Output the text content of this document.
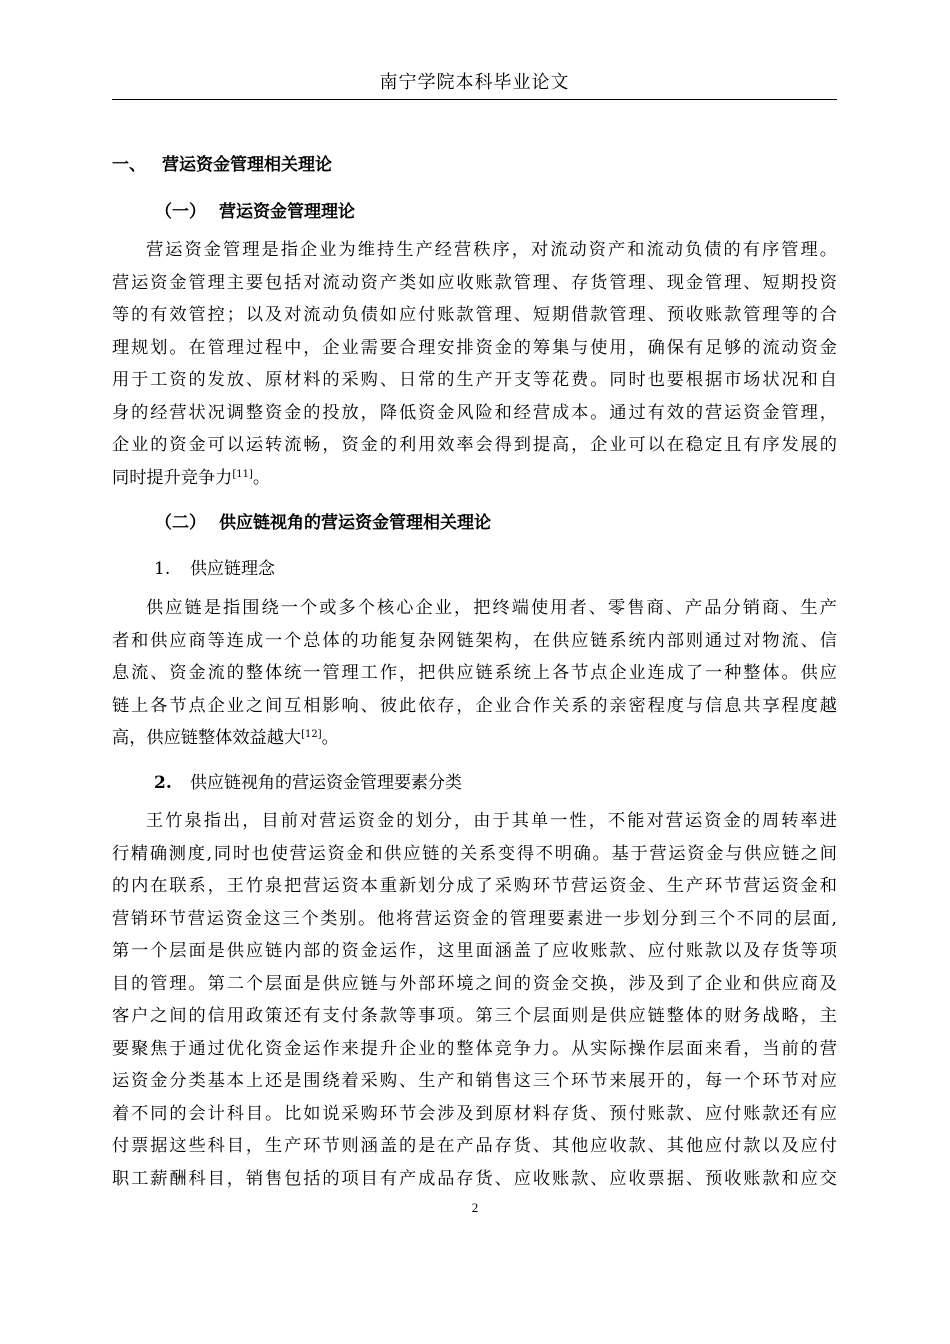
南宁学院本科毕业论文
一、 营运资金管理相关理论
（一） 营运资金管理理论
营运资金管理是指企业为维持生产经营秩序，对流动资产和流动负债的有序管理。
营运资金管理主要包括对流动资产类如应收账款管理、存货管理、现金管理、短期投资
等的有效管控；以及对流动负债如应付账款管理、短期借款管理、预收账款管理等的合
理规划。在管理过程中，企业需要合理安排资金的筹集与使用，确保有足够的流动资金
用于工资的发放、原材料的采购、日常的生产开支等花费。同时也要根据市场状况和自
身的经营状况调整资金的投放，降低资金风险和经营成本。通过有效的营运资金管理，
企业的资金可以运转流畅，资金的利用效率会得到提高，企业可以在稳定且有序发展的
同时提升竞争力[11]。
（二） 供应链视角的营运资金管理相关理论
1. 供应链理念
供应链是指围绕一个或多个核心企业，把终端使用者、零售商、产品分销商、生产
者和供应商等连成一个总体的功能复杂网链架构，在供应链系统内部则通过对物流、信
息流、资金流的整体统一管理工作，把供应链系统上各节点企业连成了一种整体。供应
链上各节点企业之间互相影响、彼此依存，企业合作关系的亲密程度与信息共享程度越
高，供应链整体效益越大[12]。
2. 供应链视角的营运资金管理要素分类
王竹泉指出，目前对营运资金的划分，由于其单一性，不能对营运资金的周转率进
行精确测度,同时也使营运资金和供应链的关系变得不明确。基于营运资金与供应链之间
的内在联系，王竹泉把营运资本重新划分成了采购环节营运资金、生产环节营运资金和
营销环节营运资金这三个类别。他将营运资金的管理要素进一步划分到三个不同的层面,
第一个层面是供应链内部的资金运作，这里面涵盖了应收账款、应付账款以及存货等项
目的管理。第二个层面是供应链与外部环境之间的资金交换，涉及到了企业和供应商及
客户之间的信用政策还有支付条款等事项。第三个层面则是供应链整体的财务战略，主
要聚焦于通过优化资金运作来提升企业的整体竞争力。从实际操作层面来看，当前的营
运资金分类基本上还是围绕着采购、生产和销售这三个环节来展开的，每一个环节对应
着不同的会计科目。比如说采购环节会涉及到原材料存货、预付账款、应付账款还有应
付票据这些科目，生产环节则涵盖的是在产品存货、其他应收款、其他应付款以及应付
职工薪酬科目，销售包括的项目有产成品存货、应收账款、应收票据、预收账款和应交
2
